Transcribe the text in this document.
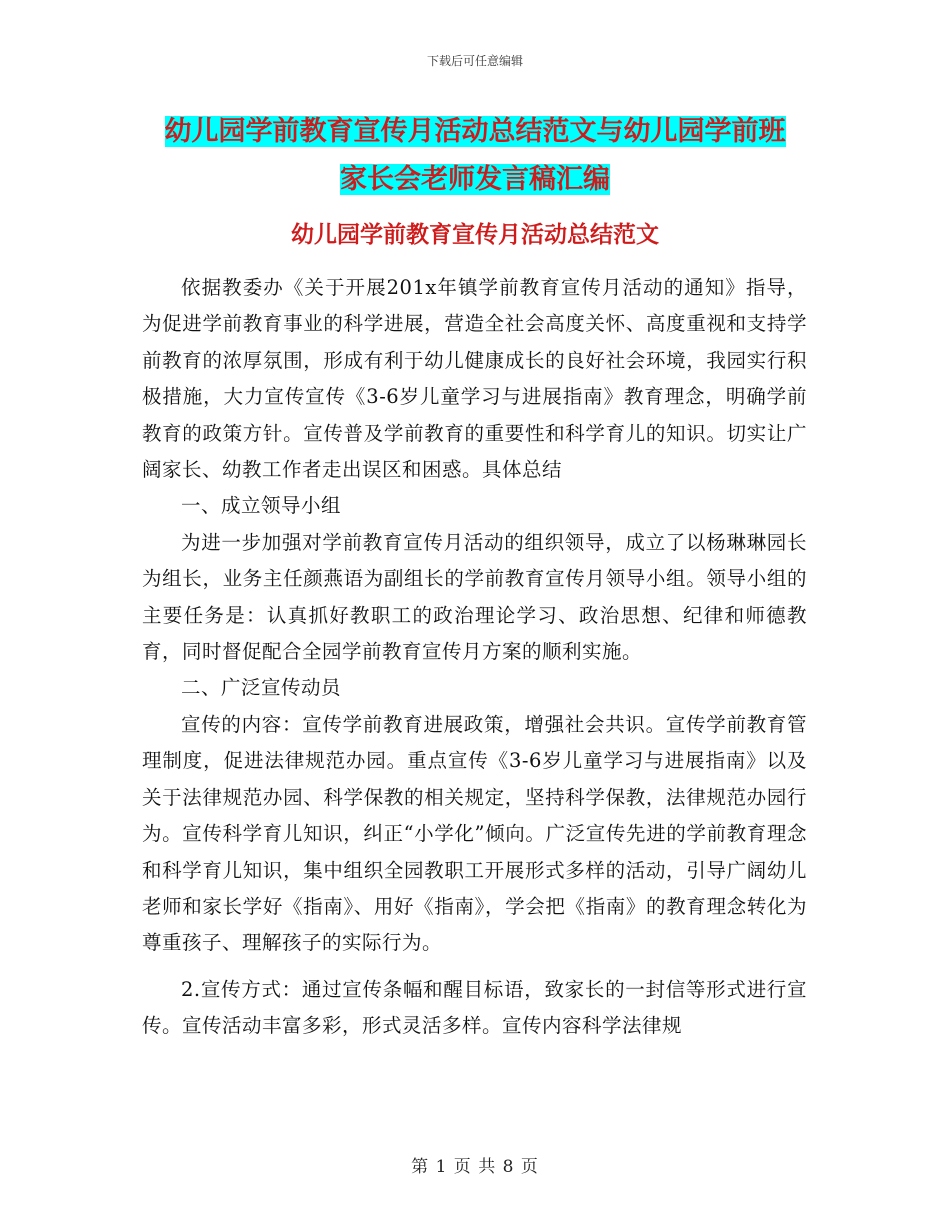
下载后可任意编辑
幼儿园学前教育宣传月活动总结范文与幼儿园学前班
家长会老师发言稿汇编
幼儿园学前教育宣传月活动总结范文

依据教委办《关于开展201x年镇学前教育宣传月活动的通知》指导，为促进学前教育事业的科学进展，营造全社会高度关怀、高度重视和支持学前教育的浓厚氛围，形成有利于幼儿健康成长的良好社会环境，我园实行积极措施，大力宣传宣传《3-6岁儿童学习与进展指南》教育理念，明确学前教育的政策方针。宣传普及学前教育的重要性和科学育儿的知识。切实让广阔家长、幼教工作者走出误区和困惑。具体总结

一、成立领导小组

为进一步加强对学前教育宣传月活动的组织领导，成立了以杨琳琳园长为组长，业务主任颜燕语为副组长的学前教育宣传月领导小组。领导小组的主要任务是：认真抓好教职工的政治理论学习、政治思想、纪律和师德教育，同时督促配合全园学前教育宣传月方案的顺利实施。

二、广泛宣传动员

宣传的内容：宣传学前教育进展政策，增强社会共识。宣传学前教育管理制度，促进法律规范办园。重点宣传《3-6岁儿童学习与进展指南》以及关于法律规范办园、科学保教的相关规定，坚持科学保教，法律规范办园行为。宣传科学育儿知识，纠正“小学化”倾向。广泛宣传先进的学前教育理念和科学育儿知识，集中组织全园教职工开展形式多样的活动，引导广阔幼儿老师和家长学好《指南》、用好《指南》，学会把《指南》的教育理念转化为尊重孩子、理解孩子的实际行为。

2.宣传方式：通过宣传条幅和醒目标语，致家长的一封信等形式进行宣传。宣传活动丰富多彩，形式灵活多样。宣传内容科学法律规

第 1 页 共 8 页
